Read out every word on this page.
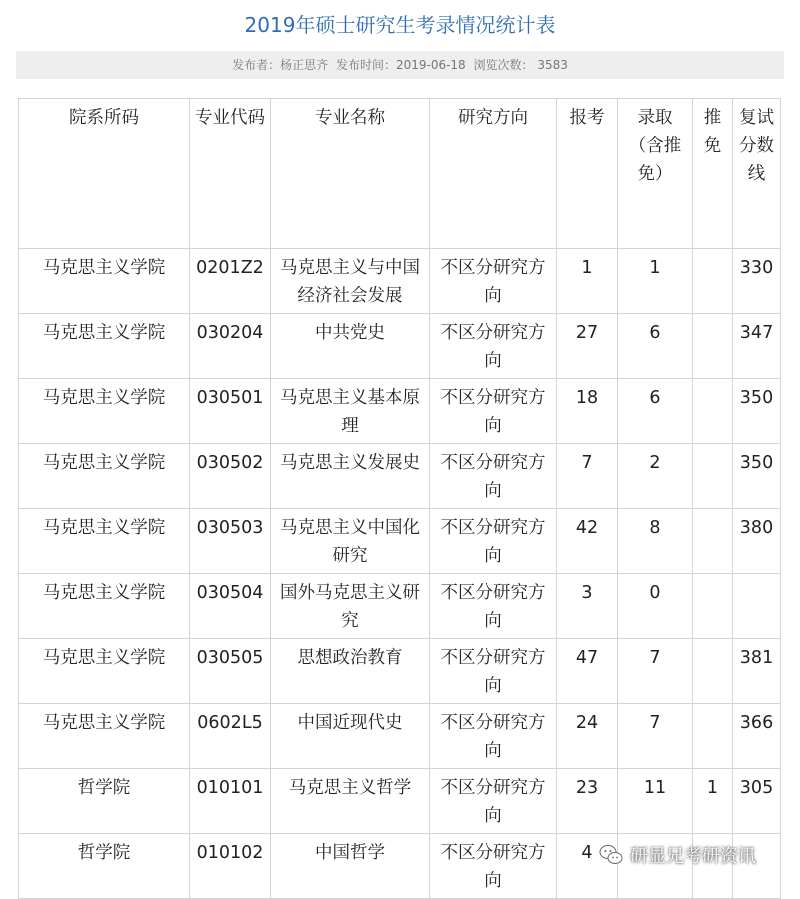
2019年硕士研究生考录情况统计表
发布者：杨正思齐 发布时间：2019-06-18 浏览次数： 3583
院系所码	专业代码	专业名称	研究方向	报考	录取（含推免）	推免	复试分数线
马克思主义学院	0201Z2	马克思主义与中国经济社会发展	不区分研究方向	1	1		330
马克思主义学院	030204	中共党史	不区分研究方向	27	6		347
马克思主义学院	030501	马克思主义基本原理	不区分研究方向	18	6		350
马克思主义学院	030502	马克思主义发展史	不区分研究方向	7	2		350
马克思主义学院	030503	马克思主义中国化研究	不区分研究方向	42	8		380
马克思主义学院	030504	国外马克思主义研究	不区分研究方向	3	0		
马克思主义学院	030505	思想政治教育	不区分研究方向	47	7		381
马克思主义学院	0602L5	中国近现代史	不区分研究方向	24	7		366
哲学院	010101	马克思主义哲学	不区分研究方向	23	11	1	305
哲学院	010102	中国哲学	不区分研究方向	4			研显兄考研资讯
